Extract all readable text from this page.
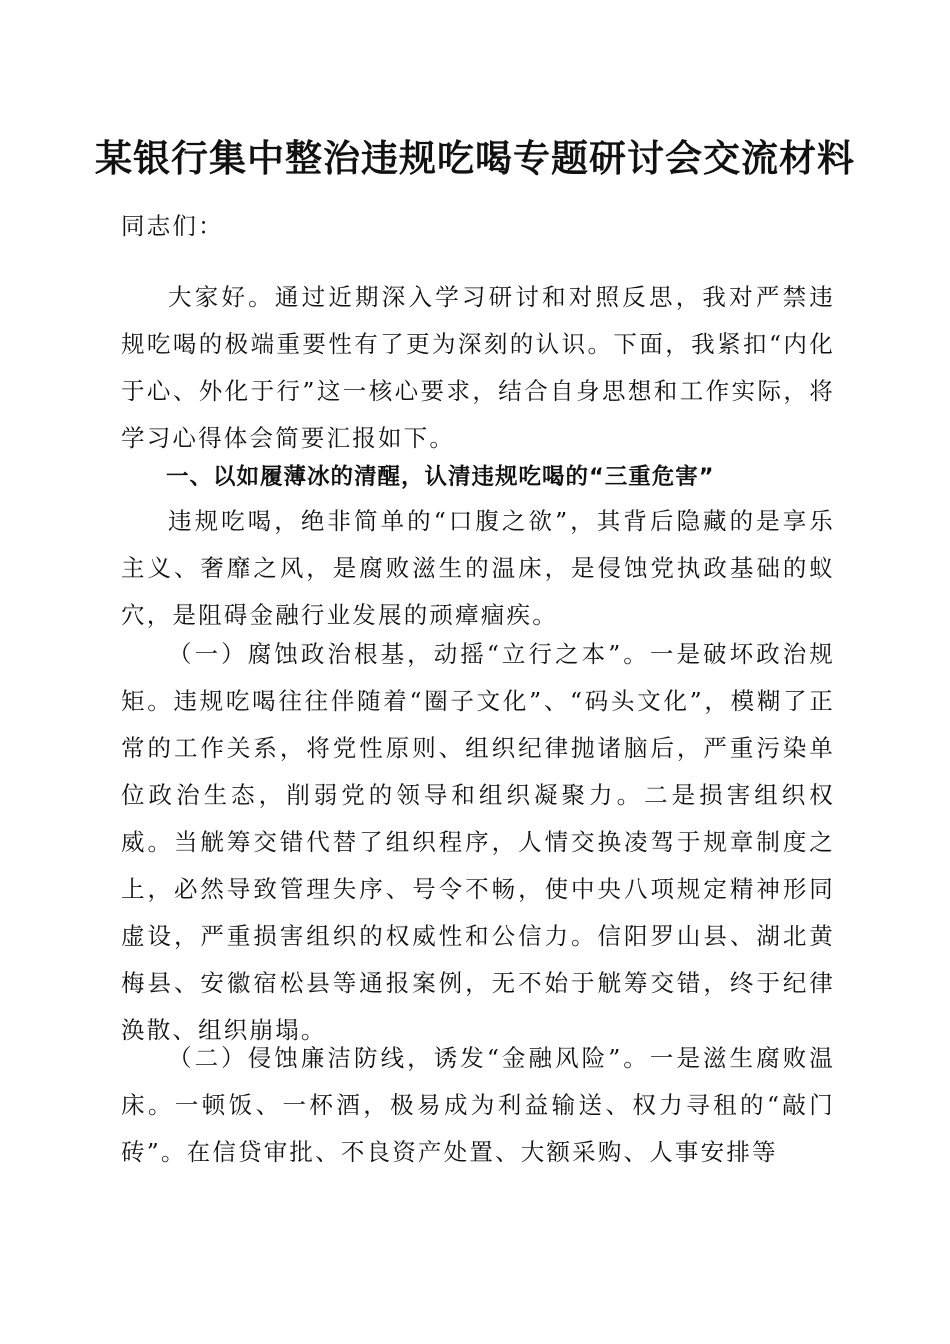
某银行集中整治违规吃喝专题研讨会交流材料
同志们：
大家好。通过近期深入学习研讨和对照反思，我对严禁违规吃喝的极端重要性有了更为深刻的认识。下面，我紧扣“内化于心、外化于行”这一核心要求，结合自身思想和工作实际，将学习心得体会简要汇报如下。
一、以如履薄冰的清醒，认清违规吃喝的“三重危害”
违规吃喝，绝非简单的“口腹之欲”，其背后隐藏的是享乐主义、奢靡之风，是腐败滋生的温床，是侵蚀党执政基础的蚁穴，是阻碍金融行业发展的顽瘴痼疾。
（一）腐蚀政治根基，动摇“立行之本”。一是破坏政治规矩。违规吃喝往往伴随着“圈子文化”、“码头文化”，模糊了正常的工作关系，将党性原则、组织纪律抛诸脑后，严重污染单位政治生态，削弱党的领导和组织凝聚力。二是损害组织权威。当觥筹交错代替了组织程序，人情交换凌驾于规章制度之上，必然导致管理失序、号令不畅，使中央八项规定精神形同虚设，严重损害组织的权威性和公信力。信阳罗山县、湖北黄梅县、安徽宿松县等通报案例，无不始于觥筹交错，终于纪律涣散、组织崩塌。
（二）侵蚀廉洁防线，诱发“金融风险”。一是滋生腐败温床。一顿饭、一杯酒，极易成为利益输送、权力寻租的“敲门砖”。在信贷审批、不良资产处置、大额采购、人事安排等
